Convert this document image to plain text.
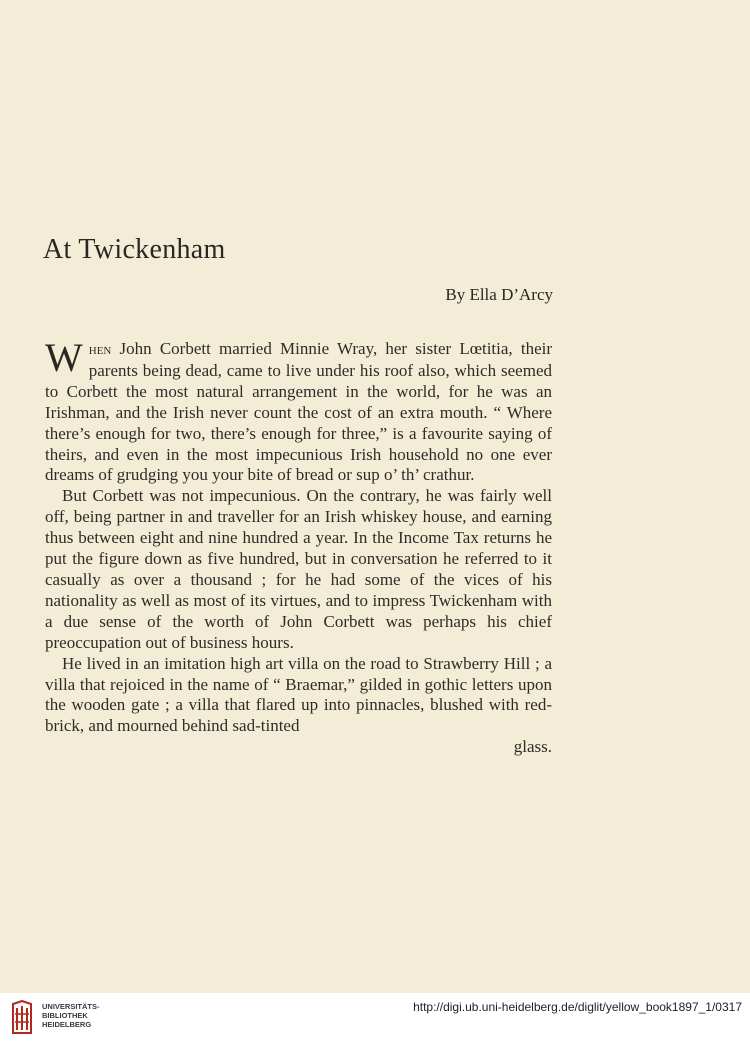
At Twickenham
By Ella D’Arcy

When John Corbett married Minnie Wray, her sister Lœtitia, their parents being dead, came to live under his roof also, which seemed to Corbett the most natural arrangement in the world, for he was an Irishman, and the Irish never count the cost of an extra mouth. “ Where there’s enough for two, there’s enough for three,” is a favourite saying of theirs, and even in the most impecunious Irish household no one ever dreams of grudging you your bite of bread or sup o’ th’ crathur.

But Corbett was not impecunious. On the contrary, he was fairly well off, being partner in and traveller for an Irish whiskey house, and earning thus between eight and nine hundred a year. In the Income Tax returns he put the figure down as five hundred, but in conversation he referred to it casually as over a thousand ; for he had some of the vices of his nationality as well as most of its virtues, and to impress Twickenham with a due sense of the worth of John Corbett was perhaps his chief preoccupation out of business hours.

He lived in an imitation high art villa on the road to Strawberry Hill ; a villa that rejoiced in the name of “ Braemar,” gilded in gothic letters upon the wooden gate ; a villa that flared up into pinnacles, blushed with red-brick, and mourned behind sad-tinted

glass.

UNIVERSITÄTS-
BIBLIOTHEK
HEIDELBERG
http://digi.ub.uni-heidelberg.de/diglit/yellow_book1897_1/0317
